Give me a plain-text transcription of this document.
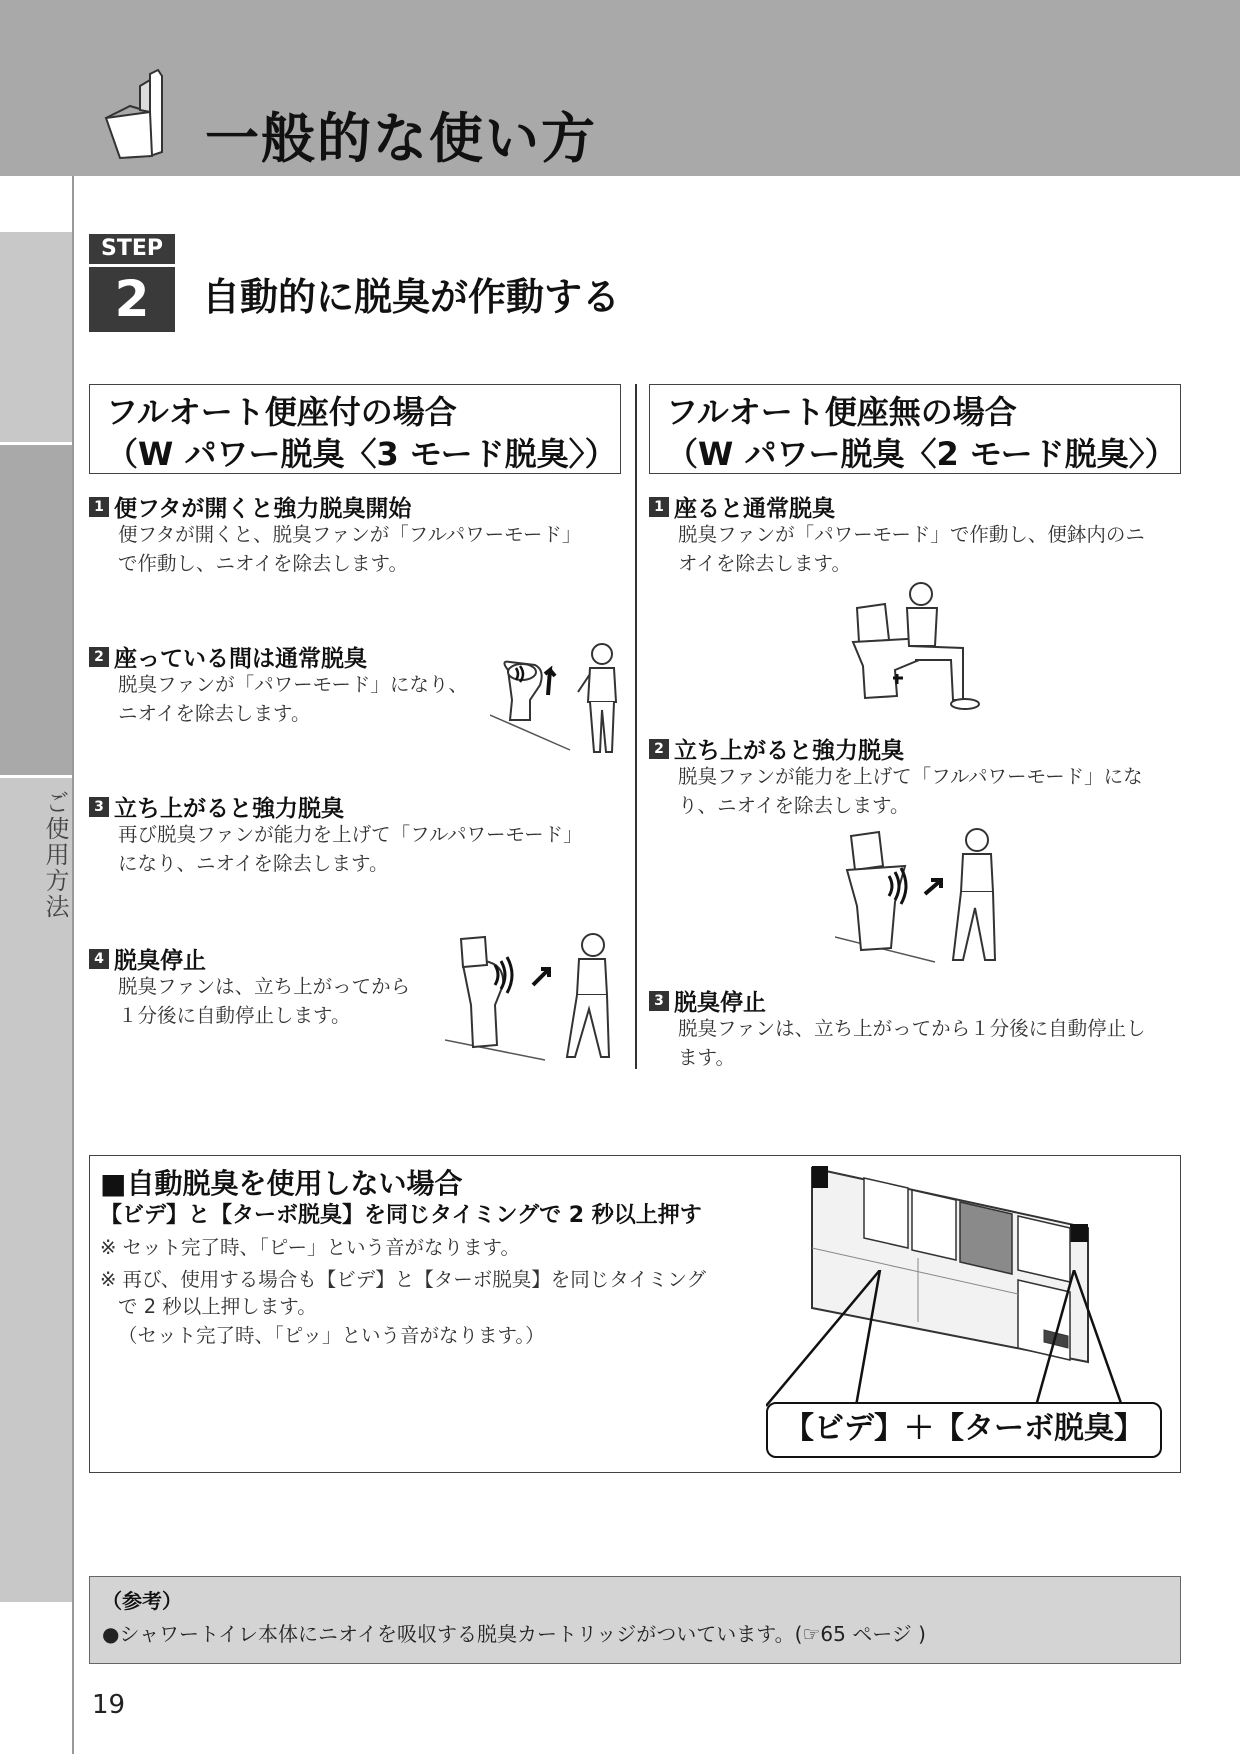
一般的な使い方
ご使用方法
STEP
2	自動的に脱臭が作動する
フルオート便座付の場合
（W パワー脱臭〈3 モード脱臭〉）
フルオート便座無の場合
（W パワー脱臭〈2 モード脱臭〉）
1 便フタが開くと強力脱臭開始
便フタが開くと、脱臭ファンが「フルパワーモード」
で作動し、ニオイを除去します。
2 座っている間は通常脱臭
脱臭ファンが「パワーモード」になり、
ニオイを除去します。
3 立ち上がると強力脱臭
再び脱臭ファンが能力を上げて「フルパワーモード」
になり、ニオイを除去します。
4 脱臭停止
脱臭ファンは、立ち上がってから
１分後に自動停止します。
1 座ると通常脱臭
脱臭ファンが「パワーモード」で作動し、便鉢内のニ
オイを除去します。
2 立ち上がると強力脱臭
脱臭ファンが能力を上げて「フルパワーモード」にな
り、ニオイを除去します。
3 脱臭停止
脱臭ファンは、立ち上がってから１分後に自動停止し
ます。
■自動脱臭を使用しない場合
【ビデ】と【ターボ脱臭】を同じタイミングで 2 秒以上押す
※ セット完了時、「ピー」という音がなります。
※ 再び、使用する場合も【ビデ】と【ターボ脱臭】を同じタイミング
で 2 秒以上押します。
（セット完了時、「ピッ」という音がなります。）
【ビデ】＋【ターボ脱臭】
（参考）
●シャワートイレ本体にニオイを吸収する脱臭カートリッジがついています。(☞65 ページ )
19
